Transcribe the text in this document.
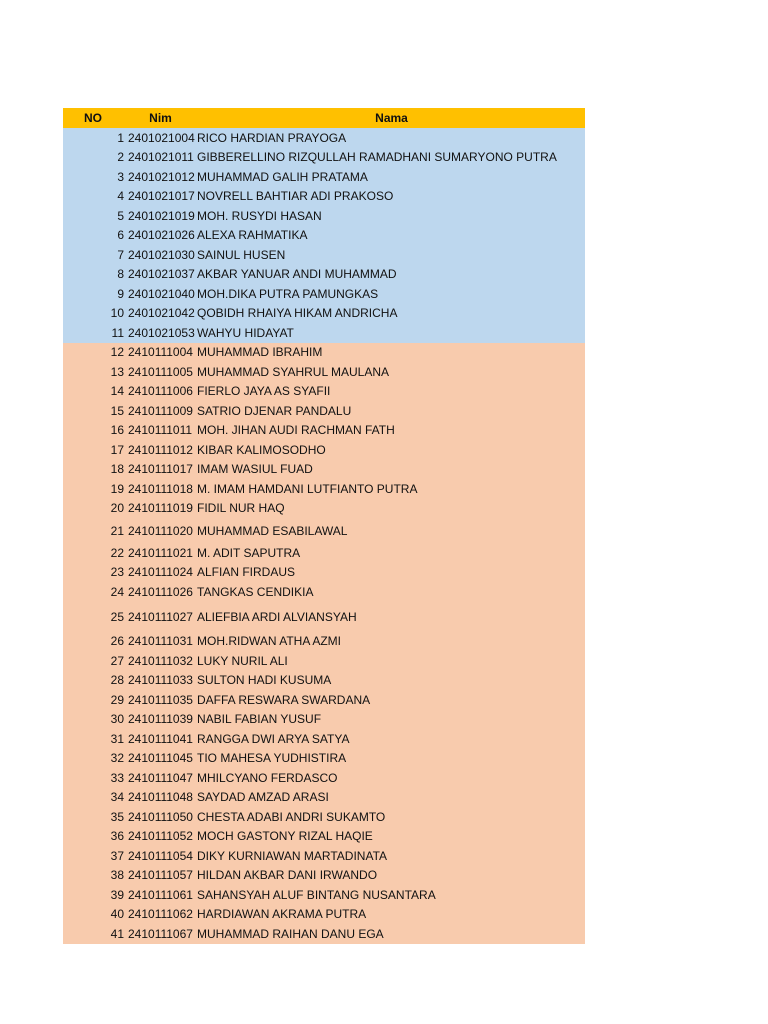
NO	Nim	Nama
1 2401021004 RICO HARDIAN PRAYOGA
2 2401021011 GIBBERELLINO RIZQULLAH RAMADHANI SUMARYONO PUTRA
3 2401021012 MUHAMMAD GALIH PRATAMA
4 2401021017 NOVRELL BAHTIAR ADI PRAKOSO
5 2401021019 MOH. RUSYDI HASAN
6 2401021026 ALEXA RAHMATIKA
7 2401021030 SAINUL HUSEN
8 2401021037 AKBAR YANUAR ANDI MUHAMMAD
9 2401021040 MOH.DIKA PUTRA PAMUNGKAS
10 2401021042 QOBIDH RHAIYA HIKAM ANDRICHA
11 2401021053 WAHYU HIDAYAT
12 2410111004 MUHAMMAD IBRAHIM
13 2410111005 MUHAMMAD SYAHRUL MAULANA
14 2410111006 FIERLO JAYA AS SYAFII
15 2410111009 SATRIO DJENAR PANDALU
16 2410111011 MOH. JIHAN AUDI RACHMAN FATH
17 2410111012 KIBAR KALIMOSODHO
18 2410111017 IMAM WASIUL FUAD
19 2410111018 M. IMAM HAMDANI LUTFIANTO PUTRA
20 2410111019 FIDIL NUR HAQ
21 2410111020 MUHAMMAD ESABILAWAL
22 2410111021 M. ADIT SAPUTRA
23 2410111024 ALFIAN FIRDAUS
24 2410111026 TANGKAS CENDIKIA
25 2410111027 ALIEFBIA ARDI ALVIANSYAH
26 2410111031 MOH.RIDWAN ATHA AZMI
27 2410111032 LUKY NURIL ALI
28 2410111033 SULTON HADI KUSUMA
29 2410111035 DAFFA RESWARA SWARDANA
30 2410111039 NABIL FABIAN YUSUF
31 2410111041 RANGGA DWI ARYA SATYA
32 2410111045 TIO MAHESA YUDHISTIRA
33 2410111047 MHILCYANO FERDASCO
34 2410111048 SAYDAD AMZAD ARASI
35 2410111050 CHESTA ADABI ANDRI SUKAMTO
36 2410111052 MOCH GASTONY RIZAL HAQIE
37 2410111054 DIKY KURNIAWAN MARTADINATA
38 2410111057 HILDAN AKBAR DANI IRWANDO
39 2410111061 SAHANSYAH ALUF BINTANG NUSANTARA
40 2410111062 HARDIAWAN AKRAMA PUTRA
41 2410111067 MUHAMMAD RAIHAN DANU EGA
